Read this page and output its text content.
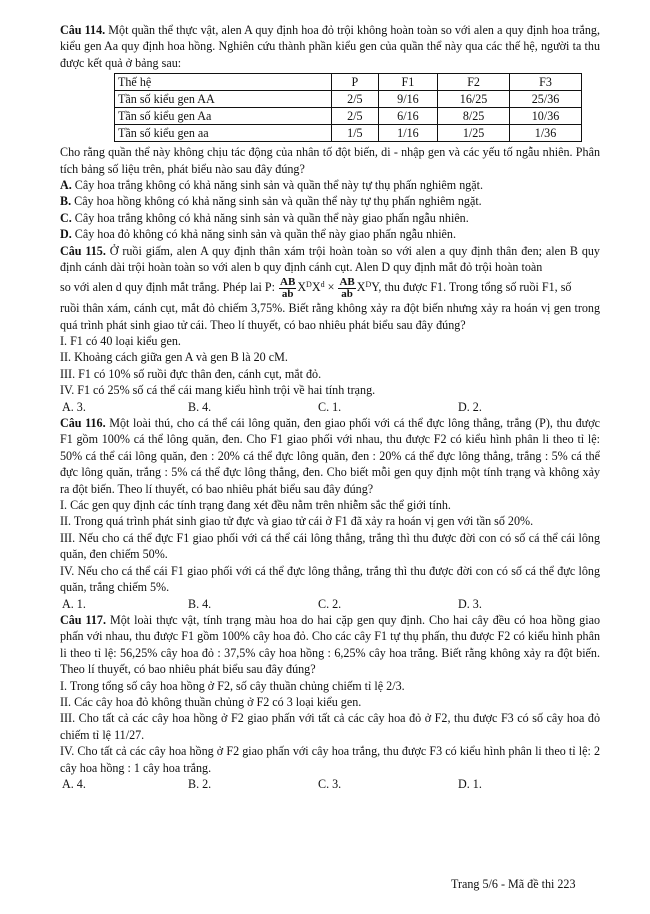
Câu 114. Một quần thể thực vật, alen A quy định hoa đỏ trội không hoàn toàn so với alen a quy định hoa trắng, kiểu gen Aa quy định hoa hồng. Nghiên cứu thành phần kiểu gen của quần thể này qua các thế hệ, người ta thu được kết quả ở bảng sau:

Thế hệ	P	F1	F2	F3
Tần số kiểu gen AA	2/5	9/16	16/25	25/36
Tần số kiểu gen Aa	2/5	6/16	8/25	10/36
Tần số kiểu gen aa	1/5	1/16	1/25	1/36

Cho rằng quần thể này không chịu tác động của nhân tố đột biến, di - nhập gen và các yếu tố ngẫu nhiên. Phân tích bảng số liệu trên, phát biểu nào sau đây đúng?

A. Cây hoa trắng không có khả năng sinh sản và quần thể này tự thụ phấn nghiêm ngặt.

B. Cây hoa hồng không có khả năng sinh sản và quần thể này tự thụ phấn nghiêm ngặt.

C. Cây hoa trắng không có khả năng sinh sản và quần thể này giao phấn ngẫu nhiên.

D. Cây hoa đỏ không có khả năng sinh sản và quần thể này giao phấn ngẫu nhiên.

Câu 115. Ở ruồi giấm, alen A quy định thân xám trội hoàn toàn so với alen a quy định thân đen; alen B quy định cánh dài trội hoàn toàn so với alen b quy định cánh cụt. Alen D quy định mắt đỏ trội hoàn toàn

so với alen d quy định mắt trắng. Phép lai P: $\frac{AB}{ab} X^DX^d \times \frac{AB}{ab} X^DY$, thu được F1. Trong tổng số ruồi F1, số

ruồi thân xám, cánh cụt, mắt đỏ chiếm 3,75%. Biết rằng không xảy ra đột biến nhưng xảy ra hoán vị gen trong quá trình phát sinh giao tử cái. Theo lí thuyết, có bao nhiêu phát biểu sau đây đúng?

I. F1 có 40 loại kiểu gen.

II. Khoảng cách giữa gen A và gen B là 20 cM.

III. F1 có 10% số ruồi đực thân đen, cánh cụt, mắt đỏ.

IV. F1 có 25% số cá thể cái mang kiểu hình trội về hai tính trạng.

A. 3.	B. 4.	C. 1.	D. 2.

Câu 116. Một loài thú, cho cá thể cái lông quăn, đen giao phối với cá thể đực lông thẳng, trắng (P), thu được F1 gồm 100% cá thể lông quăn, đen. Cho F1 giao phối với nhau, thu được F2 có kiểu hình phân li theo tỉ lệ: 50% cá thể cái lông quăn, đen : 20% cá thể đực lông quăn, đen : 20% cá thể đực lông thẳng, trắng : 5% cá thể đực lông quăn, trắng : 5% cá thể đực lông thẳng, đen. Cho biết mỗi gen quy định một tính trạng và không xảy ra đột biến. Theo lí thuyết, có bao nhiêu phát biểu sau đây đúng?

I. Các gen quy định các tính trạng đang xét đều nằm trên nhiễm sắc thể giới tính.

II. Trong quá trình phát sinh giao tử đực và giao tử cái ở F1 đã xảy ra hoán vị gen với tần số 20%.

III. Nếu cho cá thể đực F1 giao phối với cá thể cái lông thẳng, trắng thì thu được đời con có số cá thể cái lông quăn, đen chiếm 50%.

IV. Nếu cho cá thể cái F1 giao phối với cá thể đực lông thẳng, trắng thì thu được đời con có số cá thể đực lông quăn, trắng chiếm 5%.

A. 1.	B. 4.	C. 2.	D. 3.

Câu 117. Một loài thực vật, tính trạng màu hoa do hai cặp gen quy định. Cho hai cây đều có hoa hồng giao phấn với nhau, thu được F1 gồm 100% cây hoa đỏ. Cho các cây F1 tự thụ phấn, thu được F2 có kiểu hình phân li theo tỉ lệ: 56,25% cây hoa đỏ : 37,5% cây hoa hồng : 6,25% cây hoa trắng. Biết rằng không xảy ra đột biến. Theo lí thuyết, có bao nhiêu phát biểu sau đây đúng?

I. Trong tổng số cây hoa hồng ở F2, số cây thuần chủng chiếm tỉ lệ 2/3.

II. Các cây hoa đỏ không thuần chủng ở F2 có 3 loại kiểu gen.

III. Cho tất cả các cây hoa hồng ở F2 giao phấn với tất cả các cây hoa đỏ ở F2, thu được F3 có số cây hoa đỏ chiếm tỉ lệ 11/27.

IV. Cho tất cả các cây hoa hồng ở F2 giao phấn với cây hoa trắng, thu được F3 có kiểu hình phân li theo tỉ lệ: 2 cây hoa hồng : 1 cây hoa trắng.

A. 4.	B. 2.	C. 3.	D. 1.
Trang 5/6 - Mã đề thi 223
